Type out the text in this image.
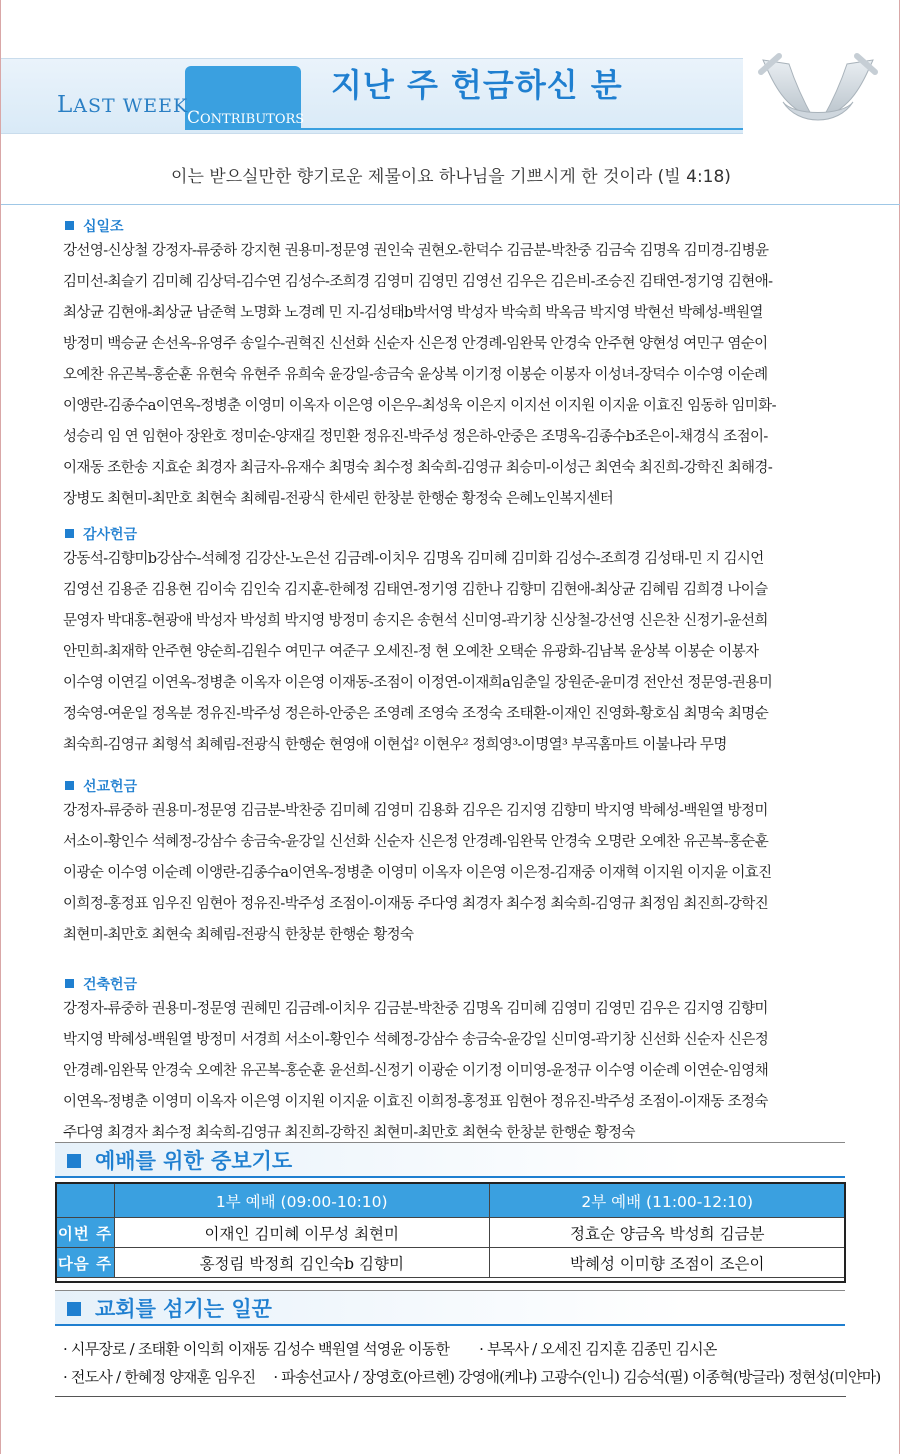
LAST WEEK
CONTRIBUTORS
지난 주 헌금하신 분
이는 받으실만한 향기로운 제물이요 하나님을 기쁘시게 한 것이라 (빌 4:18)
십일조
강선영-신상철 강정자-류중하 강지현 권용미-정문영 권인숙 권현오-한덕수 김금분-박찬중 김금숙 김명옥 김미경-김병윤
김미선-최슬기 김미혜 김상덕-김수연 김성수-조희경 김영미 김영민 김영선 김우은 김은비-조승진 김태연-정기영 김현애-
최상균 김현애-최상균 남준혁 노명화 노경례 민 지-김성태b박서영 박성자 박숙희 박옥금 박지영 박현선 박혜성-백원열
방정미 백승균 손선옥-유영주 송일수-권혁진 신선화 신순자 신은정 안경례-임완묵 안경숙 안주현 양현성 여민구 염순이
오예찬 유곤복-홍순훈 유현숙 유현주 유희숙 윤강일-송금숙 윤상복 이기정 이봉순 이봉자 이성녀-장덕수 이수영 이순례
이앵란-김종수a이연옥-정병춘 이영미 이옥자 이은영 이은우-최성욱 이은지 이지선 이지원 이지윤 이효진 임동하 임미화-
성승리 임 연 임현아 장완호 정미순-양재길 정민환 정유진-박주성 정은하-안중은 조명옥-김종수b조은이-채경식 조점이-
이재동 조한송 지효순 최경자 최금자-유재수 최명숙 최수정 최숙희-김영규 최승미-이성근 최연숙 최진희-강학진 최해경-
장병도 최현미-최만호 최현숙 최혜림-전광식 한세린 한창분 한행순 황정숙 은혜노인복지센터
감사헌금
강동석-김향미b강삼수-석혜정 김강산-노은선 김금례-이치우 김명옥 김미혜 김미화 김성수-조희경 김성태-민 지 김시언
김영선 김용준 김용현 김이숙 김인숙 김지훈-한혜정 김태연-정기영 김한나 김향미 김현애-최상균 김혜림 김희경 나이슬
문영자 박대홍-현광애 박성자 박성희 박지영 방정미 송지은 송현석 신미영-곽기창 신상철-강선영 신은찬 신정기-윤선희
안민희-최재학 안주현 양순희-김원수 여민구 여준구 오세진-정 현 오예찬 오택순 유광화-김남복 윤상복 이봉순 이봉자
이수영 이연길 이연옥-정병춘 이옥자 이은영 이재동-조점이 이정연-이재희a임춘일 장원준-윤미경 전안선 정문영-권용미
정숙영-여운일 정옥분 정유진-박주성 정은하-안중은 조영례 조영숙 조정숙 조태환-이재인 진영화-황호심 최명숙 최명순
최숙희-김영규 최형석 최혜림-전광식 한행순 현영애 이현섭² 이현우² 정희영³-이명열³ 부곡홈마트 이불나라 무명
선교헌금
강정자-류중하 권용미-정문영 김금분-박찬중 김미혜 김영미 김용화 김우은 김지영 김향미 박지영 박혜성-백원열 방정미
서소이-황인수 석혜정-강삼수 송금숙-윤강일 신선화 신순자 신은정 안경례-임완묵 안경숙 오명란 오예찬 유곤복-홍순훈
이광순 이수영 이순례 이앵란-김종수a이연옥-정병춘 이영미 이옥자 이은영 이은정-김재중 이재혁 이지원 이지윤 이효진
이희정-홍정표 임우진 임현아 정유진-박주성 조점이-이재동 주다영 최경자 최수정 최숙희-김영규 최정임 최진희-강학진
최현미-최만호 최현숙 최혜림-전광식 한창분 한행순 황정숙
건축헌금
강정자-류중하 권용미-정문영 권혜민 김금례-이치우 김금분-박찬중 김명옥 김미혜 김영미 김영민 김우은 김지영 김향미
박지영 박혜성-백원열 방정미 서경희 서소이-황인수 석혜정-강삼수 송금숙-윤강일 신미영-곽기창 신선화 신순자 신은정
안경례-임완묵 안경숙 오예찬 유곤복-홍순훈 윤선희-신정기 이광순 이기정 이미영-윤정규 이수영 이순례 이연순-임영채
이연옥-정병춘 이영미 이옥자 이은영 이지원 이지윤 이효진 이희정-홍정표 임현아 정유진-박주성 조점이-이재동 조정숙
주다영 최경자 최수정 최숙희-김영규 최진희-강학진 최현미-최만호 최현숙 한창분 한행순 황정숙
예배를 위한 중보기도
	1부 예배 (09:00-10:10)	2부 예배 (11:00-12:10)
이번 주	이재인 김미혜 이무성 최현미	정효순 양금옥 박성희 김금분
다음 주	홍정림 박정희 김인숙b 김향미	박혜성 이미향 조점이 조은이
교회를 섬기는 일꾼
· 시무장로 / 조태환 이익희 이재동 김성수 백원열 석영윤 이동한 · 부목사 / 오세진 김지훈 김종민 김시온
· 전도사 / 한혜정 양재훈 임우진 · 파송선교사 / 장영호(아르헨) 강영애(케냐) 고광수(인니) 김승석(필) 이종혁(방글라) 정현성(미얀마)
